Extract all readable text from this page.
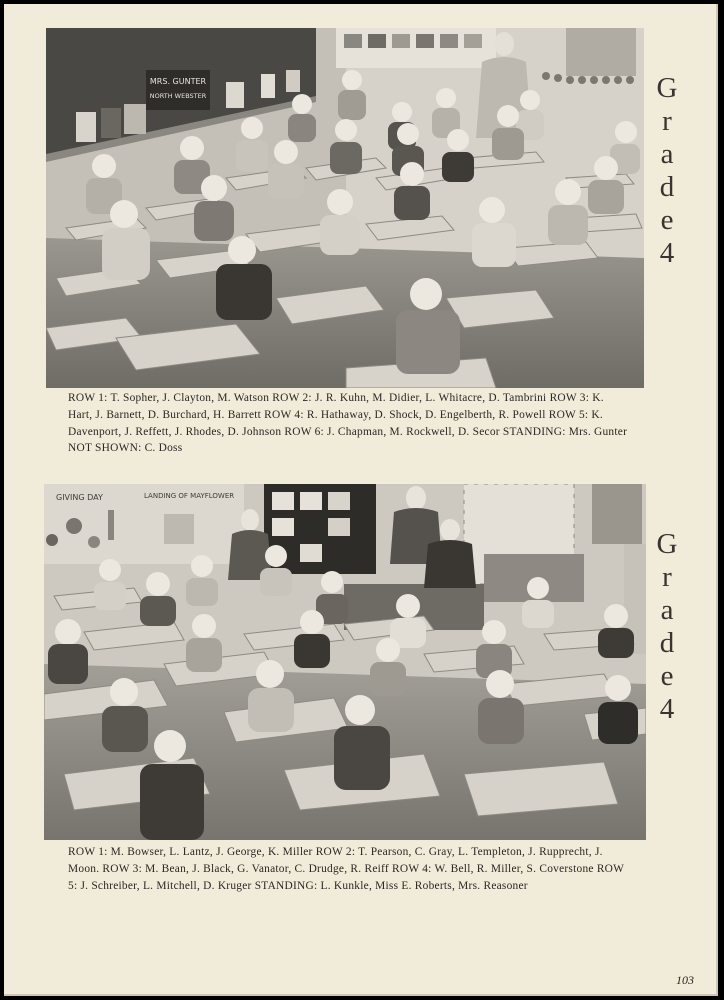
MRS. GUNTER
NORTH WEBSTER
ROW 1: T. Sopher, J. Clayton, M. Watson ROW 2: J. R. Kuhn, M. Didier, L. Whitacre, D. Tambrini ROW 3: K. Hart, J. Barnett, D. Burchard, H. Barrett ROW 4: R. Hathaway, D. Shock, D. Engelberth, R. Powell ROW 5: K. Davenport, J. Reffett, J. Rhodes, D. Johnson ROW 6: J. Chapman, M. Rockwell, D. Secor STANDING: Mrs. Gunter NOT SHOWN: C. Doss
G
r
a
d
e
4
GIVING DAY	LANDING OF MAYFLOWER
ROW 1: M. Bowser, L. Lantz, J. George, K. Miller ROW 2: T. Pearson, C. Gray, L. Templeton, J. Rupprecht, J. Moon. ROW 3: M. Bean, J. Black, G. Vanator, C. Drudge, R. Reiff ROW 4: W. Bell, R. Miller, S. Coverstone ROW 5: J. Schreiber, L. Mitchell, D. Kruger STANDING: L. Kunkle, Miss E. Roberts, Mrs. Reasoner
G
r
a
d
e
4
103
